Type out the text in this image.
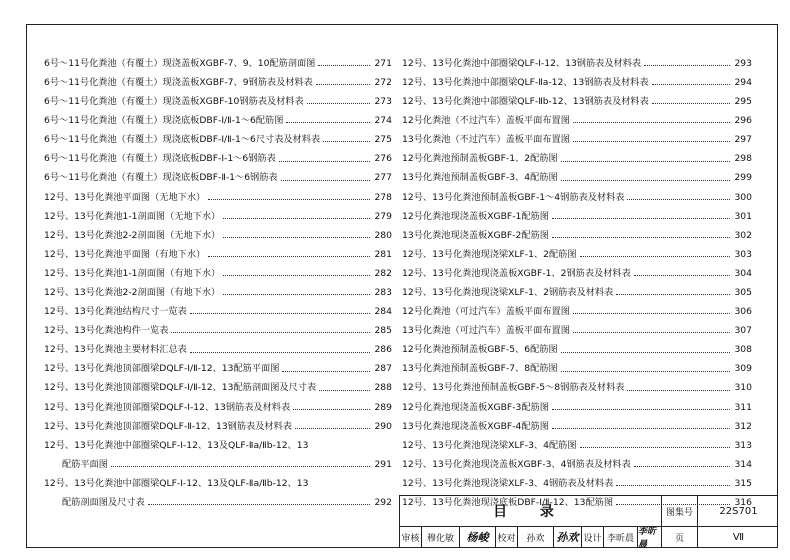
6号～11号化粪池（有覆土）现浇盖板XGBF-7、9、10配筋剖面图	271
6号～11号化粪池（有覆土）现浇盖板XGBF-7、9钢筋表及材料表	272
6号～11号化粪池（有覆土）现浇盖板XGBF-10钢筋表及材料表	273
6号～11号化粪池（有覆土）现浇底板DBF-Ⅰ/Ⅱ-1～6配筋图	274
6号～11号化粪池（有覆土）现浇底板DBF-Ⅰ/Ⅱ-1～6尺寸表及材料表	275
6号～11号化粪池（有覆土）现浇底板DBF-Ⅰ-1～6钢筋表	276
6号～11号化粪池（有覆土）现浇底板DBF-Ⅱ-1～6钢筋表	277
12号、13号化粪池平面图（无地下水）	278
12号、13号化粪池1-1剖面图（无地下水）	279
12号、13号化粪池2-2剖面图（无地下水）	280
12号、13号化粪池平面图（有地下水）	281
12号、13号化粪池1-1剖面图（有地下水）	282
12号、13号化粪池2-2剖面图（有地下水）	283
12号、13号化粪池结构尺寸一览表	284
12号、13号化粪池构件一览表	285
12号、13号化粪池主要材料汇总表	286
12号、13号化粪池顶部圈梁DQLF-Ⅰ/Ⅱ-12、13配筋平面图	287
12号、13号化粪池顶部圈梁DQLF-Ⅰ/Ⅱ-12、13配筋剖面图及尺寸表	288
12号、13号化粪池顶部圈梁DQLF-Ⅰ-12、13钢筋表及材料表	289
12号、13号化粪池顶部圈梁DQLF-Ⅱ-12、13钢筋表及材料表	290
12号、13号化粪池中部圈梁QLF-Ⅰ-12、13及QLF-Ⅱa/Ⅱb-12、13
配筋平面图	291
12号、13号化粪池中部圈梁QLF-Ⅰ-12、13及QLF-Ⅱa/Ⅱb-12、13
配筋剖面图及尺寸表	292
12号、13号化粪池中部圈梁QLF-Ⅰ-12、13钢筋表及材料表	293
12号、13号化粪池中部圈梁QLF-Ⅱa-12、13钢筋表及材料表	294
12号、13号化粪池中部圈梁QLF-Ⅱb-12、13钢筋表及材料表	295
12号化粪池（不过汽车）盖板平面布置图	296
13号化粪池（不过汽车）盖板平面布置图	297
12号化粪池预制盖板GBF-1、2配筋图	298
13号化粪池预制盖板GBF-3、4配筋图	299
12号、13号化粪池预制盖板GBF-1～4钢筋表及材料表	300
12号化粪池现浇盖板XGBF-1配筋图	301
13号化粪池现浇盖板XGBF-2配筋图	302
12号、13号化粪池现浇梁XLF-1、2配筋图	303
12号、13号化粪池现浇盖板XGBF-1、2钢筋表及材料表	304
12号、13号化粪池现浇梁XLF-1、2钢筋表及材料表	305
12号化粪池（可过汽车）盖板平面布置图	306
13号化粪池（可过汽车）盖板平面布置图	307
12号化粪池预制盖板GBF-5、6配筋图	308
13号化粪池预制盖板GBF-7、8配筋图	309
12号、13号化粪池预制盖板GBF-5～8钢筋表及材料表	310
12号化粪池现浇盖板XGBF-3配筋图	311
13号化粪池现浇盖板XGBF-4配筋图	312
12号、13号化粪池现浇梁XLF-3、4配筋图	313
12号、13号化粪池现浇盖板XGBF-3、4钢筋表及材料表	314
12号、13号化粪池现浇梁XLF-3、4钢筋表及材料表	315
12号、13号化粪池现浇底板DBF-Ⅰ/Ⅱ-12、13配筋图	316
目 录	图集号	22S701
审核 穆化敏	杨峻 校对	孙欢	孙欢 设计 李昕晨
李昕晨
页	Ⅶ
